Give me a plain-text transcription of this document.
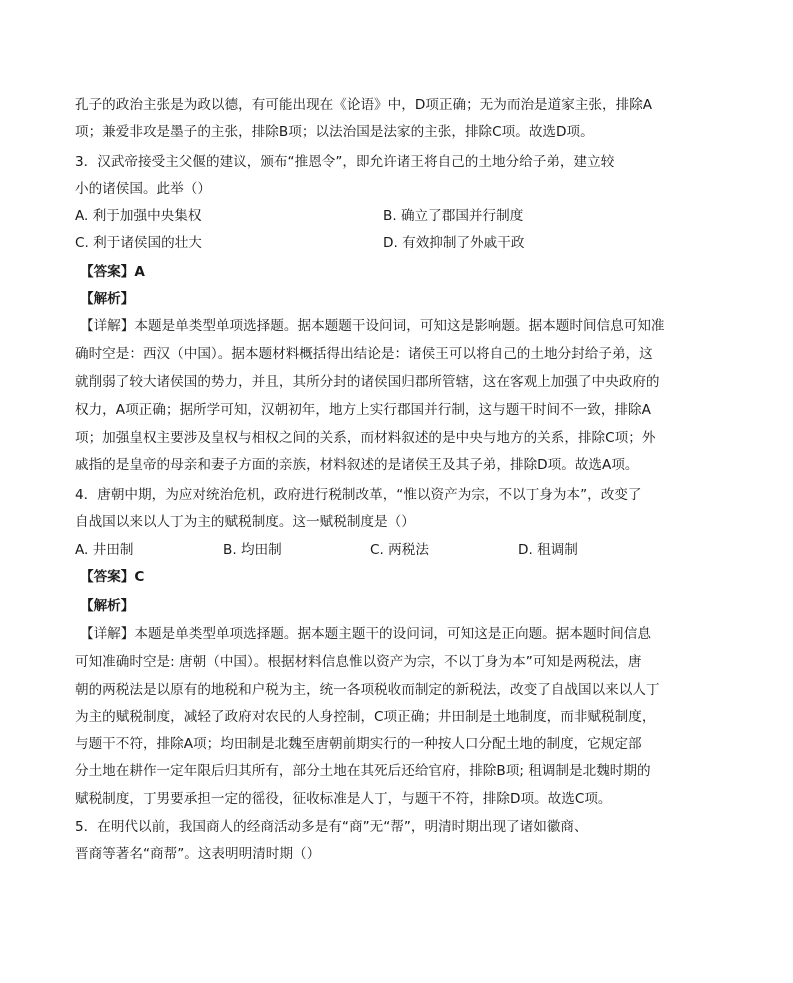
孔子的政治主张是为政以德，有可能出现在《论语》中，D项正确；无为而治是道家主张，排除A
项；兼爱非攻是墨子的主张，排除B项；以法治国是法家的主张，排除C项。故选D项。
3．汉武帝接受主父偃的建议，颁布“推恩令”，即允许诸王将自己的土地分给子弟，建立较
小的诸侯国。此举（）
A. 利于加强中央集权	B. 确立了郡国并行制度
C. 利于诸侯国的壮大	D. 有效抑制了外戚干政
【答案】A
【解析】
【详解】本题是单类型单项选择题。据本题题干设问词，可知这是影响题。据本题时间信息可知准
确时空是：西汉（中国）。据本题材料概括得出结论是：诸侯王可以将自己的土地分封给子弟，这
就削弱了较大诸侯国的势力，并且，其所分封的诸侯国归郡所管辖，这在客观上加强了中央政府的
权力，A项正确；据所学可知，汉朝初年，地方上实行郡国并行制，这与题干时间不一致，排除A
项；加强皇权主要涉及皇权与相权之间的关系，而材料叙述的是中央与地方的关系，排除C项；外
戚指的是皇帝的母亲和妻子方面的亲族，材料叙述的是诸侯王及其子弟，排除D项。故选A项。
4．唐朝中期，为应对统治危机，政府进行税制改革，“惟以资产为宗，不以丁身为本”，改变了
自战国以来以人丁为主的赋税制度。这一赋税制度是（）
A. 井田制	B. 均田制	C. 两税法	D. 租调制
【答案】C
【解析】
【详解】本题是单类型单项选择题。据本题主题干的设问词，可知这是正向题。据本题时间信息
可知准确时空是: 唐朝（中国）。根据材料信息惟以资产为宗，不以丁身为本”可知是两税法，唐
朝的两税法是以原有的地税和户税为主，统一各项税收而制定的新税法，改变了自战国以来以人丁
为主的赋税制度，减轻了政府对农民的人身控制，C项正确；井田制是土地制度，而非赋税制度，
与题干不符，排除A项；均田制是北魏至唐朝前期实行的一种按人口分配土地的制度，它规定部
分土地在耕作一定年限后归其所有，部分土地在其死后还给官府，排除B项; 租调制是北魏时期的
赋税制度，丁男要承担一定的徭役，征收标准是人丁，与题干不符，排除D项。故选C项。
5．在明代以前，我国商人的经商活动多是有“商”无“帮”，明清时期出现了诸如徽商、
晋商等著名“商帮”。这表明明清时期（）
